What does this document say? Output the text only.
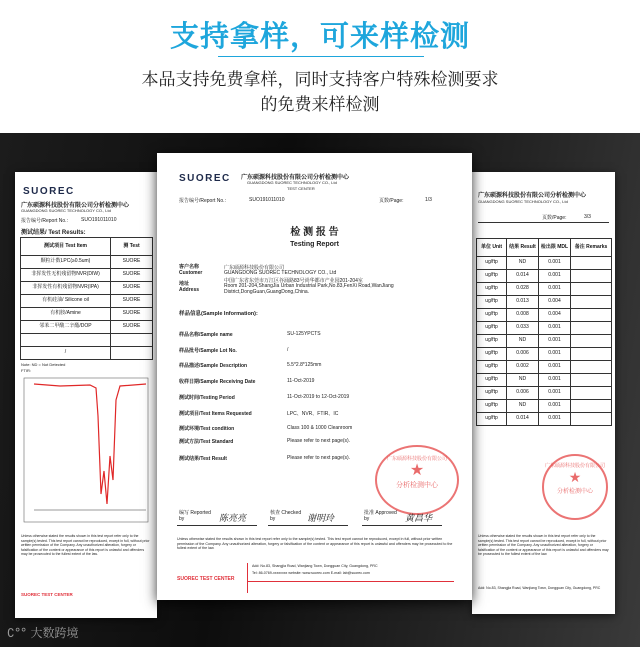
支持拿样，可来样检测
本品支持免费拿样，同时支持客户特殊检测要求
的免费来样检测
SUOREC
广东硕源科技股份有限公司分析检测中心
GUANGDONG SUOREC TECHNOLOGY CO., Ltd
报告编号/Report No.:	SUO191011010
测试结果/ Test Results:
测试项目 Test Item	测 Test
颗粒计数LPC(≥0.5um)	SUORE
非挥发性无机残留物NVR(DIW)	SUORE
非挥发性有机残留物NVR(IPA)	SUORE
有机硅油/ Silicone oil	SUORE
有机胺/Amine	SUORE
邻苯二甲酸二辛酯/DOP	SUORE

/	
Note: ND = Not Detected
FTIR:
Unless otherwise stated the results shown in this test report refer only to the sample(s) tested. This test report cannot be reproduced, except in full, without prior written permission of the Company. Any unauthorized alteration, forgery or falsification of the content or appearance of this report is unlawful and offenders may be prosecuted to the fullest extent of the law.
SUOREC TEST CENTER
广东硕源科技股份有限公司分析检测中心
GUANGDONG SUOREC TECHNOLOGY CO., Ltd
页数/Page:	3/3
单位 Unit	结果 Result	检出限 MDL	备注 Remarks
ug/ftp	ND	0.001	
ug/ftp	0.014	0.001	
ug/ftp	0.028	0.001	
ug/ftp	0.013	0.004	
ug/ftp	0.008	0.004	
ug/ftp	0.033	0.001	
ug/ftp	ND	0.001	
ug/ftp	0.006	0.001	
ug/ftp	0.002	0.001	
ug/ftp	ND	0.001	
ug/ftp	0.006	0.001	
ug/ftp	ND	0.001	
ug/ftp	0.014	0.001	
广东硕源科技股份有限公司
★
分析检测中心
Unless otherwise stated the results shown in this test report refer only to the sample(s) tested. This test report cannot be reproduced, except in full, without prior written permission of the Company. Any unauthorized alteration, forgery or falsification of the content or appearance of this report is unlawful and offenders may be prosecuted to the fullest extent of the law.
Add: No.83, Shangjia Road, Wanjiang Town, Dongguan City, Guangdong, PRC
SUOREC 广东硕源科技股份有限公司分析检测中心
GUANGDONG SUOREC TECHNOLOGY CO., Ltd
TEST CENTER
报告编号/Report No.:	SUO191011010	页数/Page:	1/3
检 测 报 告
Testing Report
客户名称 Customer
广东硕源科技股份有限公司
GUANGDONG SUOREC TECHNOLOGY CO., Ltd
地址 Address
中国广东省东莞市万江区谷涌路83号尚华都市产业园201-204室
Room 201-204,ShangJia Urban Industrial Park,No.83,FenXi Road,WanJiang
District,DongGuan,GuangDong,China.
样品信息(Sample Information):
样品名称/Sample name	SU-125YPCTS
样品批号/Sample Lot No.	/
样品描述/Sample Description	5.5*2.8*125mm
收样日期/Sample Receiving Date	11-Oct-2019
测试时间/Testing Period	11-Oct-2019 to 12-Oct-2019
测试项目/Test Items Requested	LPC、NVR、FTIR、IC
测试环境/Test condition	Class 100 & 1000 Cleanroom
测试方法/Test Standard	Please refer to next page(s).
测试结果/Test Result	Please refer to next page(s).	广东硕源科技股份有限公司
★
分析检测中心
编写 Reported by	陈亮亮	核查 Checked by	谢明玲	批准 Approved by	黄昌华
Unless otherwise stated the results shown in this test report refer only to the sample(s) tested. This test report cannot be reproduced, except in full, without prior written permission of the Company. Any unauthorized alteration, forgery or falsification of the content or appearance of this report is unlawful and offenders may be prosecuted to the fullest extent of the law.
SUOREC TEST CENTER
Add: No.83, Shangjia Road, Wanjiang Town, Dongguan City, Guangdong, PRC
Tel: 86-0769-xxxxxxxx website: www.suorec.com E-mail: lab@suorec.com
∁°° 大数跨境
